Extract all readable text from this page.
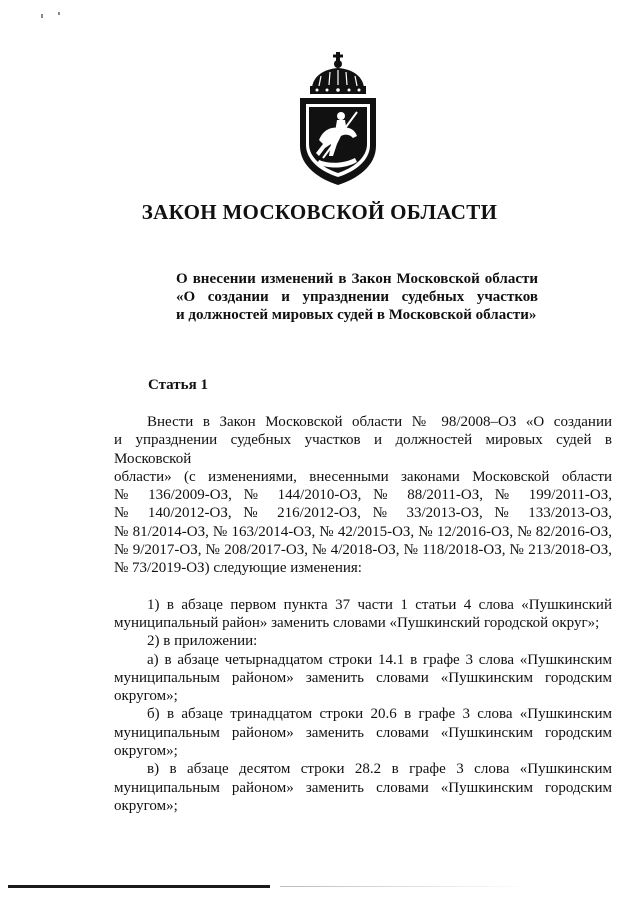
ЗАКОН МОСКОВСКОЙ ОБЛАСТИ
О внесении изменений в Закон Московской области
«О создании и упразднении судебных участков
и должностей мировых судей в Московской области»
Статья 1
Внести в Закон Московской области № 98/2008–ОЗ «О создании
и упразднении судебных участков и должностей мировых судей в Московской
области» (с изменениями, внесенными законами Московской области
№ 136/2009-ОЗ, № 144/2010-ОЗ, № 88/2011-ОЗ, № 199/2011-ОЗ,
№ 140/2012-ОЗ, № 216/2012-ОЗ, № 33/2013-ОЗ, № 133/2013-ОЗ,
№ 81/2014-ОЗ, № 163/2014-ОЗ, № 42/2015-ОЗ, № 12/2016-ОЗ, № 82/2016-ОЗ,
№ 9/2017-ОЗ, № 208/2017-ОЗ, № 4/2018-ОЗ, № 118/2018-ОЗ, № 213/2018-ОЗ,
№ 73/2019-ОЗ) следующие изменения:
1) в абзаце первом пункта 37 части 1 статьи 4 слова «Пушкинский
муниципальный район» заменить словами «Пушкинский городской округ»;
2) в приложении:
а) в абзаце четырнадцатом строки 14.1 в графе 3 слова «Пушкинским
муниципальным районом» заменить словами «Пушкинским городским
округом»;
б) в абзаце тринадцатом строки 20.6 в графе 3 слова «Пушкинским
муниципальным районом» заменить словами «Пушкинским городским
округом»;
в) в абзаце десятом строки 28.2 в графе 3 слова «Пушкинским
муниципальным районом» заменить словами «Пушкинским городским
округом»;
